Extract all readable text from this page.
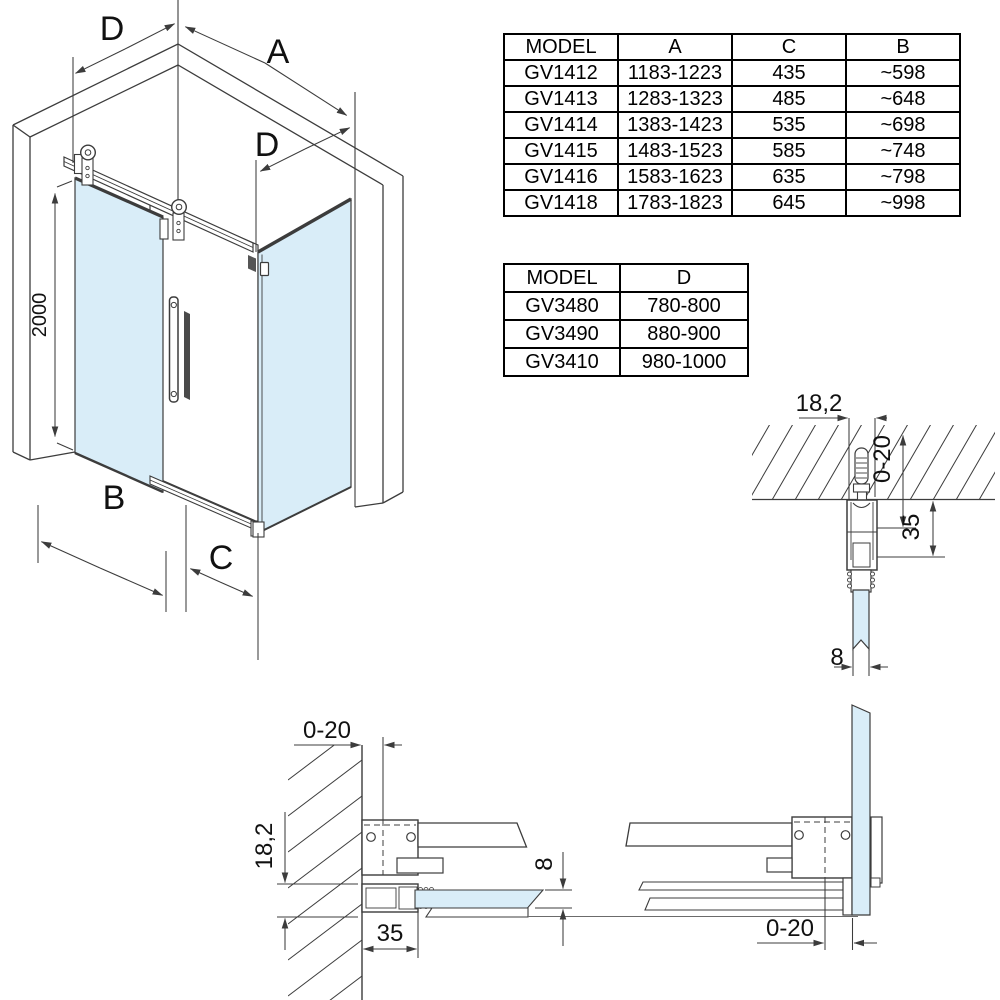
D
A
D
2000
B
C
MODEL	A	C	B
GV1412	1183-1223	435	~598
GV1413	1283-1323	485	~648
GV1414	1383-1423	535	~698
GV1415	1483-1523	585	~748
GV1416	1583-1623	635	~798
GV1418	1783-1823	645	~998
MODEL	D
GV3480	780-800
GV3490	880-900
GV3410	980-1000
18,2
0-20
35
8
0-20
18,2	8
35	0-20
